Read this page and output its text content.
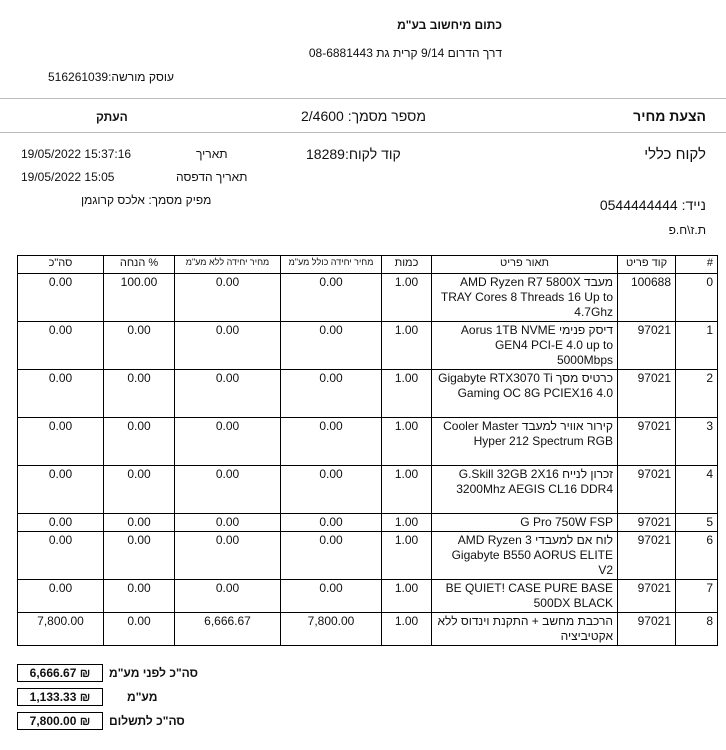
כתום מיחשוב בע"מ
דרך הדרום 9/14 קרית גת 08-6881443
עוסק מורשה:516261039
הצעת מחיר
מספר מסמך: 2/4600
העתק
לקוח כללי
קוד לקוח:18289
19/05/2022 15:37:16	תאריך
19/05/2022 15:05	תאריך הדפסה
מפיק מסמך: אלכס קרוגמן	נייד: 0544444444
ת.ז\ח.פ
סה"כ	הנחה %	מחיר יחידה ללא מע"מ	מחיר יחידה כולל מע"מ	כמות	תאור פריט	קוד פריט	#
0.00	100.00	0.00	0.00	1.00	מעבד AMD Ryzen R7 5800X TRAY Cores 8 Threads 16 Up to 4.7Ghz	100688	0
0.00	0.00	0.00	0.00	1.00	דיסק פנימי Aorus 1TB NVME GEN4 PCI-E 4.0 up to 5000Mbps	97021	1
0.00	0.00	0.00	0.00	1.00	כרטיס מסך Gigabyte RTX3070 Ti Gaming OC 8G PCIEX16 4.0	97021	2
0.00	0.00	0.00	0.00	1.00	קירור אוויר למעבד Cooler Master Hyper 212 Spectrum RGB	97021	3
0.00	0.00	0.00	0.00	1.00	זכרון לנייח G.Skill 32GB 2X16 3200Mhz AEGIS CL16 DDR4	97021	4
0.00	0.00	0.00	0.00	1.00	G Pro 750W FSP	97021	5
0.00	0.00	0.00	0.00	1.00	לוח אם למעבדי AMD Ryzen 3 Gigabyte B550 AORUS ELITE V2	97021	6
0.00	0.00	0.00	0.00	1.00	BE QUIET! CASE PURE BASE 500DX BLACK	97021	7
7,800.00	0.00	6,666.67	7,800.00	1.00	הרכבת מחשב + התקנת וינדוס ללא אקטיביציה	97021	8
6,666.67 ₪	סה"כ לפני מע"מ
1,133.33 ₪	מע"מ
7,800.00 ₪	סה"כ לתשלום
